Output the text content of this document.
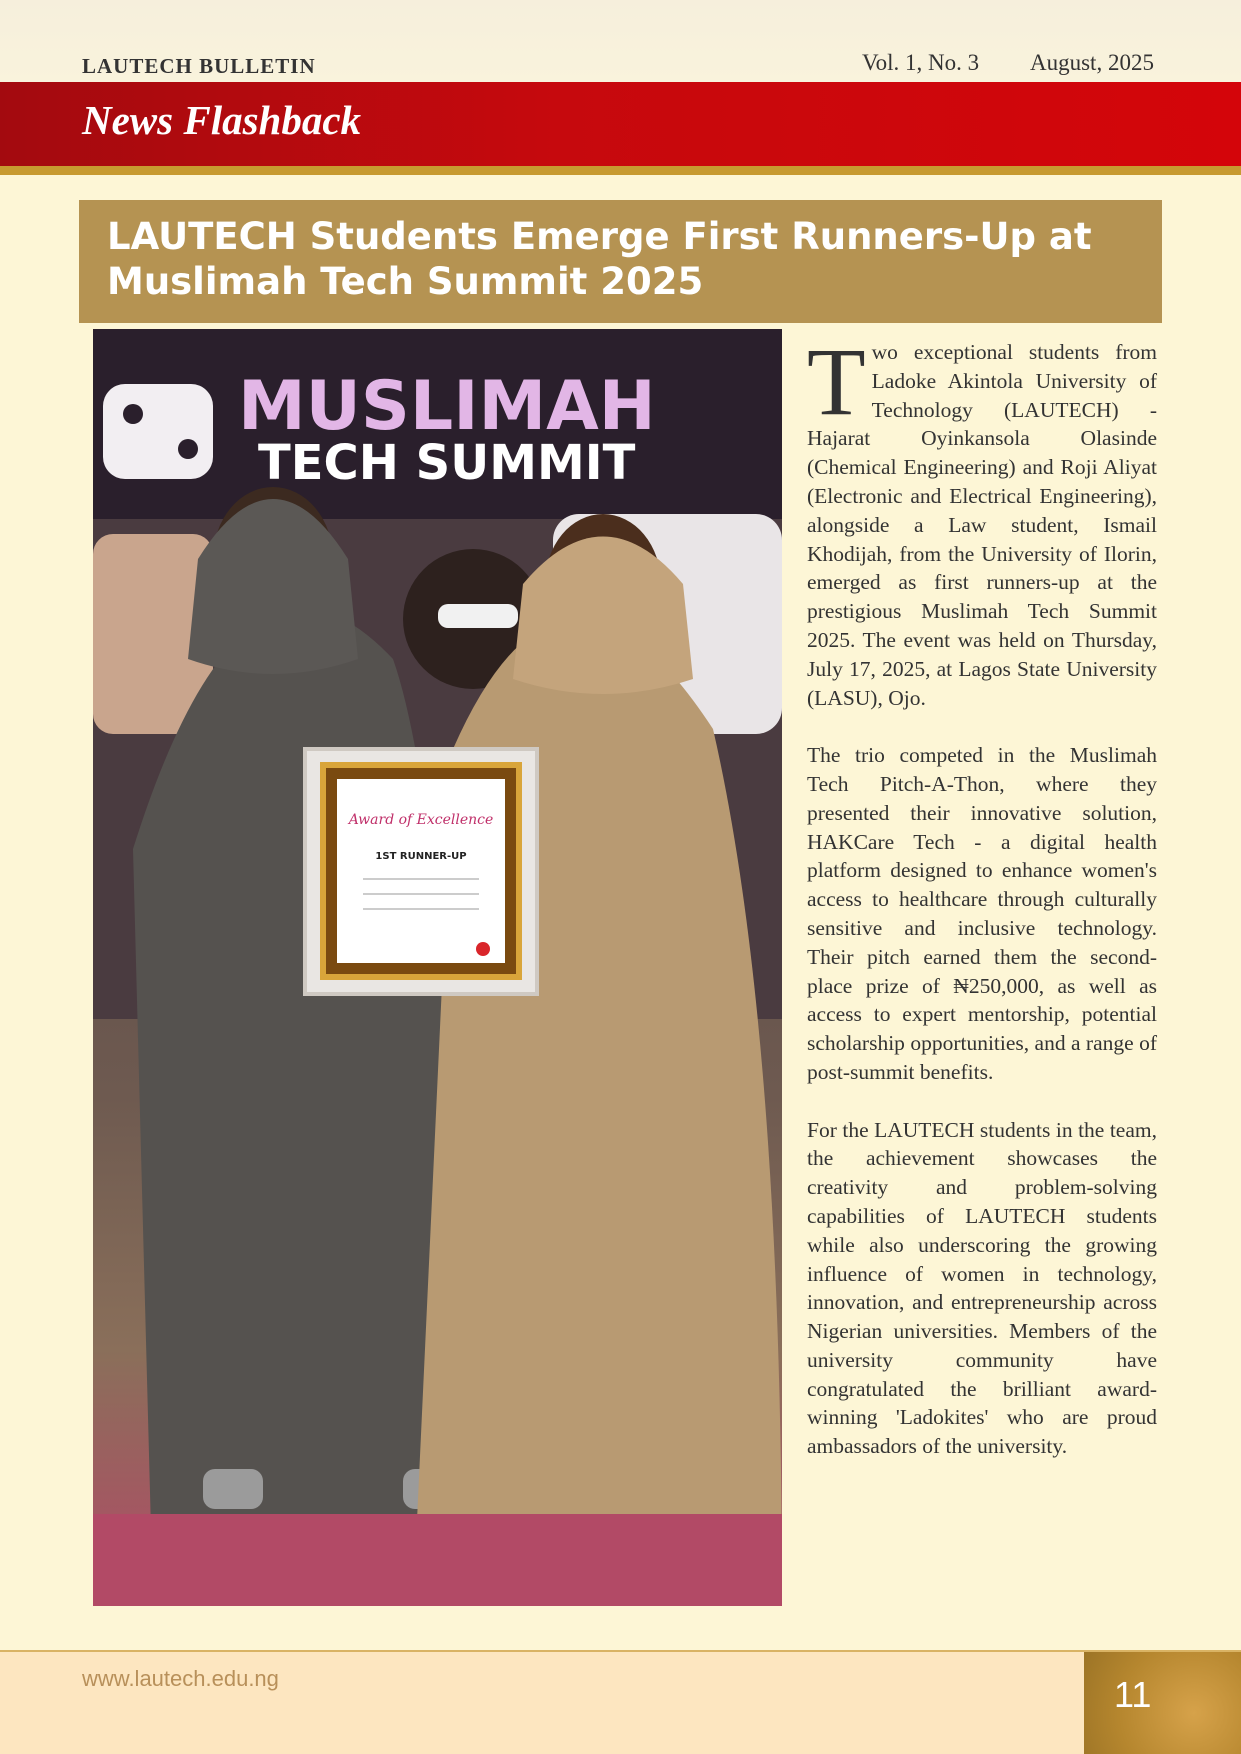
LAUTECH BULLETIN	Vol. 1, No. 3 August, 2025
News Flashback
LAUTECH Students Emerge First Runners-Up at Muslimah Tech Summit 2025
MUSLIMAH
TECH SUMMIT
Award of Excellence
1ST RUNNER-UP

Two exceptional students from Ladoke Akintola University of Technology (LAUTECH) - Hajarat Oyinkansola Olasinde (Chemical Engineering) and Roji Aliyat (Electronic and Electrical Engineering), alongside a Law student, Ismail Khodijah, from the University of Ilorin, emerged as first runners-up at the prestigious Muslimah Tech Summit 2025. The event was held on Thursday, July 17, 2025, at Lagos State University (LASU), Ojo.

The trio competed in the Muslimah Tech Pitch-A-Thon, where they presented their innovative solution, HAKCare Tech - a digital health platform designed to enhance women's access to healthcare through culturally sensitive and inclusive technology. Their pitch earned them the second-place prize of ₦250,000, as well as access to expert mentorship, potential scholarship opportunities, and a range of post-summit benefits.

For the LAUTECH students in the team, the achievement showcases the creativity and problem-solving capabilities of LAUTECH students while also underscoring the growing influence of women in technology, innovation, and entrepreneurship across Nigerian universities. Members of the university community have congratulated the brilliant award-winning 'Ladokites' who are proud ambassadors of the university.

www.lautech.edu.ng	11
